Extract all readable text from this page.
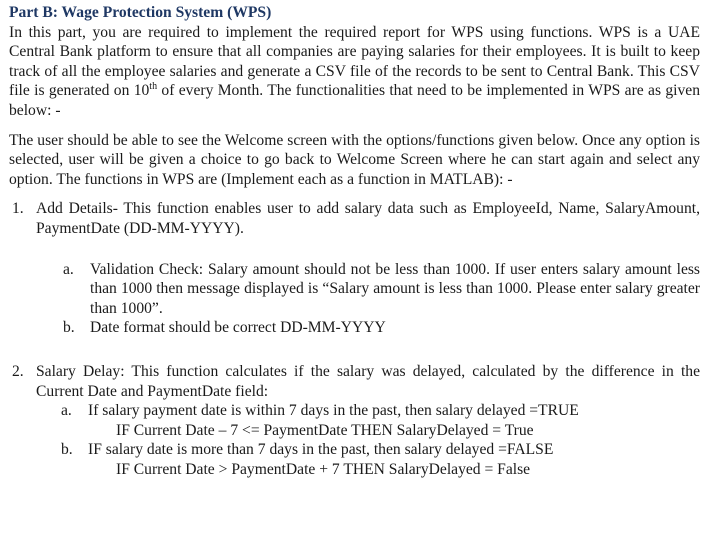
Part B: Wage Protection System (WPS)

In this part, you are required to implement the required report for WPS using functions. WPS is a UAE Central Bank platform to ensure that all companies are paying salaries for their employees. It is built to keep track of all the employee salaries and generate a CSV file of the records to be sent to Central Bank. This CSV file is generated on 10th of every Month. The functionalities that need to be implemented in WPS are as given below: -

The user should be able to see the Welcome screen with the options/functions given below. Once any option is selected, user will be given a choice to go back to Welcome Screen where he can start again and select any option. The functions in WPS are (Implement each as a function in MATLAB): -

1. Add Details- This function enables user to add salary data such as EmployeeId, Name, SalaryAmount, PaymentDate (DD-MM-YYYY).
a. Validation Check: Salary amount should not be less than 1000. If user enters salary amount less than 1000 then message displayed is “Salary amount is less than 1000. Please enter salary greater than 1000”.
b. Date format should be correct DD-MM-YYYY
2. Salary Delay: This function calculates if the salary was delayed, calculated by the difference in the Current Date and PaymentDate field:
a. If salary payment date is within 7 days in the past, then salary delayed =TRUE
IF Current Date – 7 <= PaymentDate THEN SalaryDelayed = True
b. IF salary date is more than 7 days in the past, then salary delayed =FALSE
IF Current Date > PaymentDate + 7 THEN SalaryDelayed = False
